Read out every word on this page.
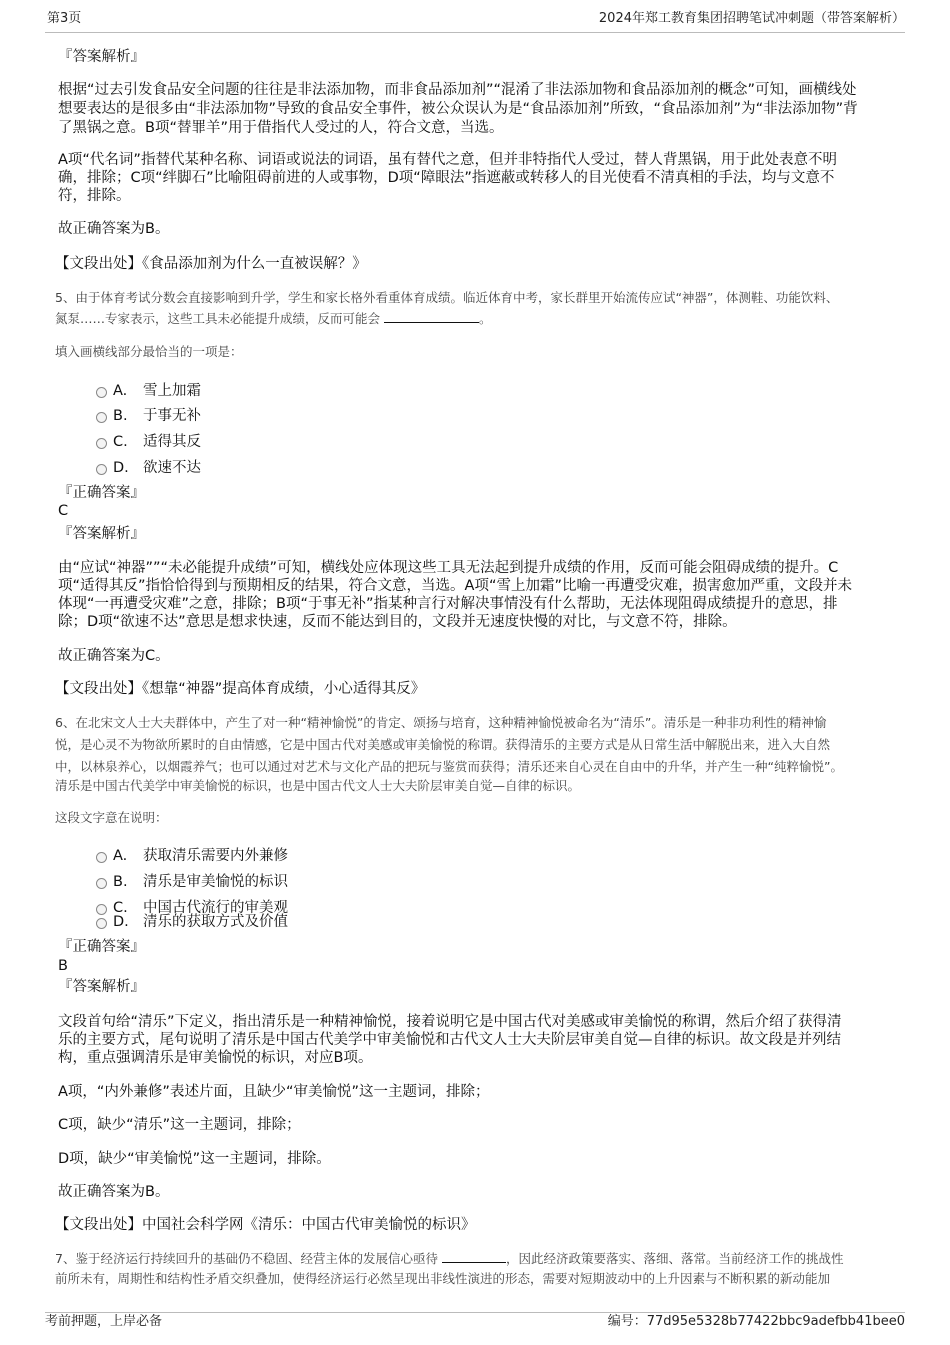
第3页	2024年郑工教育集团招聘笔试冲刺题（带答案解析）
『答案解析』
根据“过去引发食品安全问题的往往是非法添加物，而非食品添加剂”“混淆了非法添加物和食品添加剂的概念”可知，画横线处
想要表达的是很多由“非法添加物”导致的食品安全事件，被公众误认为是“食品添加剂”所致，“食品添加剂”为“非法添加物”背
了黑锅之意。B项“替罪羊”用于借指代人受过的人，符合文意，当选。
A项“代名词”指替代某种名称、词语或说法的词语，虽有替代之意，但并非特指代人受过，替人背黑锅，用于此处表意不明
确，排除；C项“绊脚石”比喻阻碍前进的人或事物，D项“障眼法”指遮蔽或转移人的目光使看不清真相的手法，均与文意不
符，排除。
故正确答案为B。
【文段出处】《食品添加剂为什么一直被误解？》
5、由于体育考试分数会直接影响到升学，学生和家长格外看重体育成绩。临近体育中考，家长群里开始流传应试“神器”，体测鞋、功能饮料、
氮泵……专家表示，这些工具未必能提升成绩，反而可能会	。
填入画横线部分最恰当的一项是：
A. 雪上加霜
B. 于事无补
C. 适得其反
D. 欲速不达
『正确答案』
C
『答案解析』
由“应试“神器””“未必能提升成绩”可知，横线处应体现这些工具无法起到提升成绩的作用，反而可能会阻碍成绩的提升。C
项“适得其反”指恰恰得到与预期相反的结果，符合文意，当选。A项“雪上加霜”比喻一再遭受灾难，损害愈加严重，文段并未
体现“一再遭受灾难”之意，排除；B项“于事无补”指某种言行对解决事情没有什么帮助，无法体现阻碍成绩提升的意思，排
除；D项“欲速不达”意思是想求快速，反而不能达到目的，文段并无速度快慢的对比，与文意不符，排除。
故正确答案为C。
【文段出处】《想靠“神器”提高体育成绩，小心适得其反》
6、在北宋文人士大夫群体中，产生了对一种“精神愉悦”的肯定、颂扬与培育，这种精神愉悦被命名为“清乐”。清乐是一种非功利性的精神愉
悦，是心灵不为物欲所累时的自由情感，它是中国古代对美感或审美愉悦的称谓。获得清乐的主要方式是从日常生活中解脱出来，进入大自然
中，以林泉养心，以烟霞养气；也可以通过对艺术与文化产品的把玩与鉴赏而获得；清乐还来自心灵在自由中的升华，并产生一种“纯粹愉悦”。
清乐是中国古代美学中审美愉悦的标识，也是中国古代文人士大夫阶层审美自觉—自律的标识。
这段文字意在说明：
A. 获取清乐需要内外兼修
B. 清乐是审美愉悦的标识
C. 中国古代流行的审美观
D. 清乐的获取方式及价值
『正确答案』
B
『答案解析』
文段首句给“清乐”下定义，指出清乐是一种精神愉悦，接着说明它是中国古代对美感或审美愉悦的称谓，然后介绍了获得清
乐的主要方式，尾句说明了清乐是中国古代美学中审美愉悦和古代文人士大夫阶层审美自觉—自律的标识。故文段是并列结
构，重点强调清乐是审美愉悦的标识，对应B项。
A项，“内外兼修”表述片面，且缺少“审美愉悦”这一主题词，排除；
C项，缺少“清乐”这一主题词，排除；
D项，缺少“审美愉悦”这一主题词，排除。
故正确答案为B。
【文段出处】中国社会科学网《清乐：中国古代审美愉悦的标识》
7、鉴于经济运行持续回升的基础仍不稳固、经营主体的发展信心亟待	，因此经济政策要落实、落细、落常。当前经济工作的挑战性
前所未有，周期性和结构性矛盾交织叠加，使得经济运行必然呈现出非线性演进的形态，需要对短期波动中的上升因素与不断积累的新动能加
考前押题，上岸必备	编号：77d95e5328b77422bbc9adefbb41bee0
